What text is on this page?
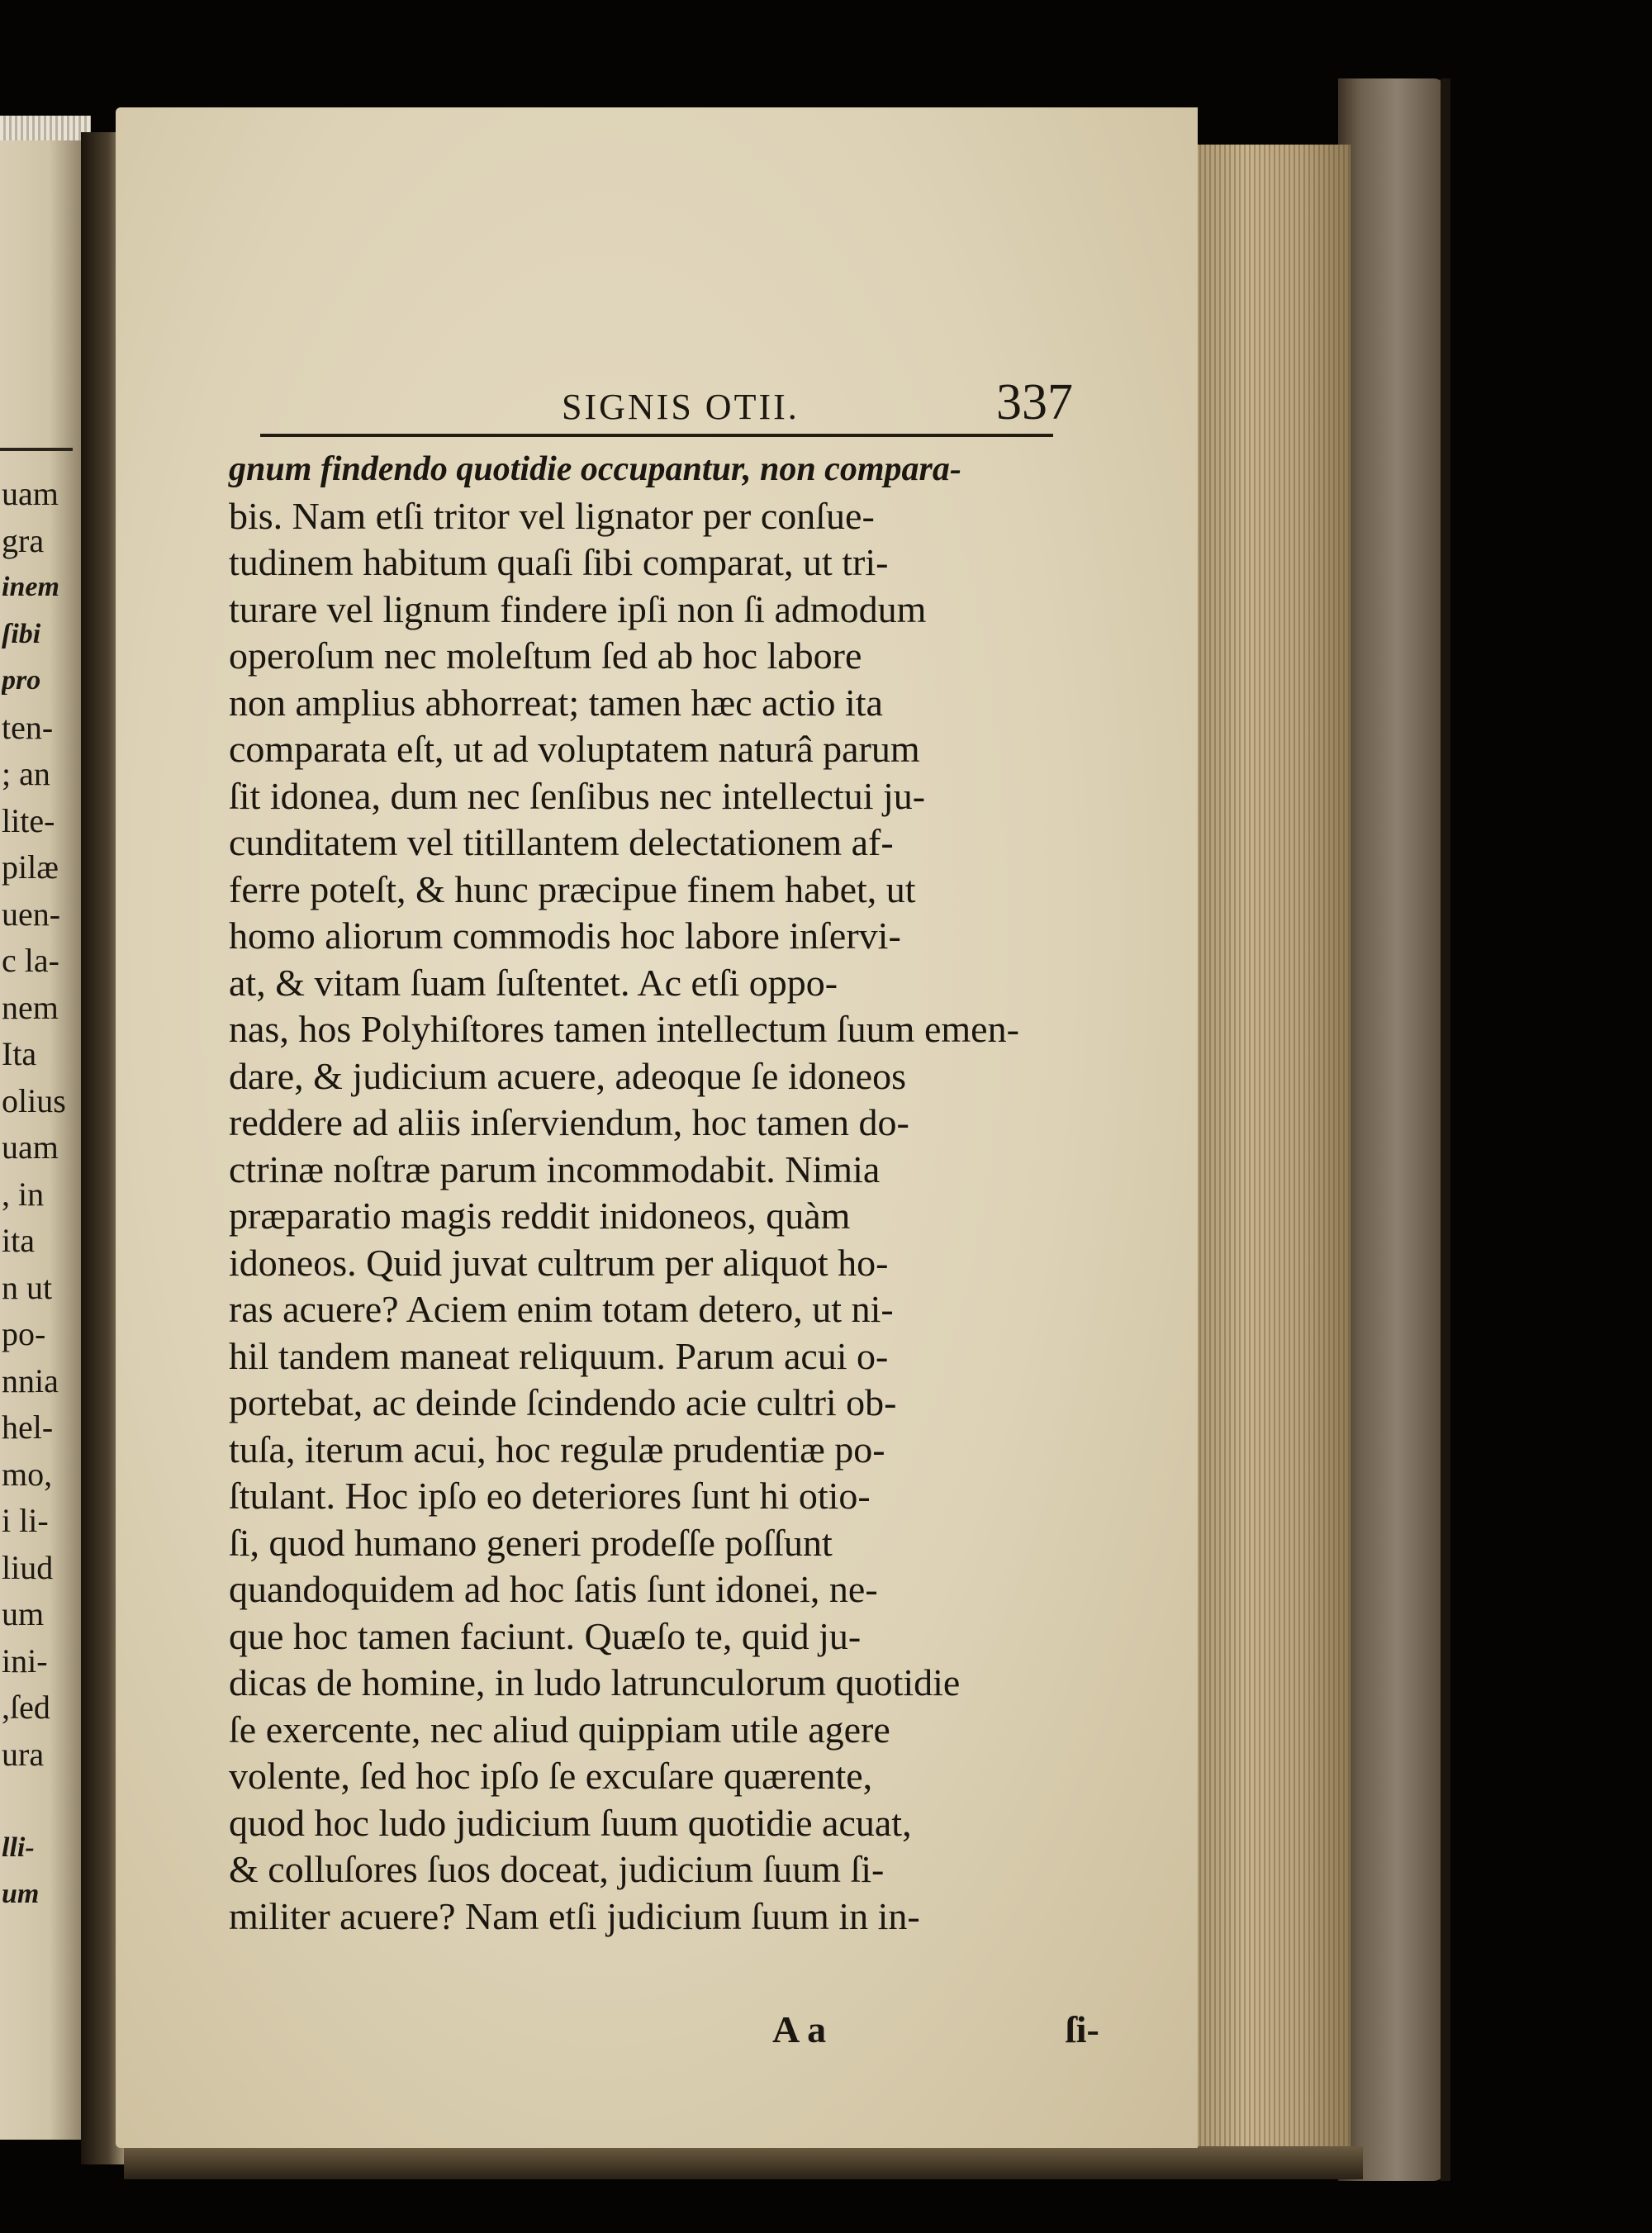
uam
gra
inem
ſibi
pro
ten-
; an
lite-
pilæ
uen-
c la-
nem
Ita
olius
uam
, in
ita
n ut
po-
nnia
hel-
mo,
i li-
liud
um
ini-
,ſed
ura
lli-
um
SIGNIS OTII.	337
gnum findendo quotidie occupantur, non compara-
bis. Nam etſi tritor vel lignator per conſue-
tudinem habitum quaſi ſibi comparat, ut tri-
turare vel lignum findere ipſi non ſi admodum
operoſum nec moleſtum ſed ab hoc labore
non amplius abhorreat; tamen hæc actio ita
comparata eſt, ut ad voluptatem naturâ parum
ſit idonea, dum nec ſenſibus nec intellectui ju-
cunditatem vel titillantem delectationem af-
ferre poteſt, & hunc præcipue finem habet, ut
homo aliorum commodis hoc labore inſervi-
at, & vitam ſuam ſuſtentet. Ac etſi oppo-
nas, hos Polyhiſtores tamen intellectum ſuum emen-
dare, & judicium acuere, adeoque ſe idoneos
reddere ad aliis inſerviendum, hoc tamen do-
ctrinæ noſtræ parum incommodabit. Nimia
præparatio magis reddit inidoneos, quàm
idoneos. Quid juvat cultrum per aliquot ho-
ras acuere? Aciem enim totam detero, ut ni-
hil tandem maneat reliquum. Parum acui o-
portebat, ac deinde ſcindendo acie cultri ob-
tuſa, iterum acui, hoc regulæ prudentiæ po-
ſtulant. Hoc ipſo eo deteriores ſunt hi otio-
ſi, quod humano generi prodeſſe poſſunt
quandoquidem ad hoc ſatis ſunt idonei, ne-
que hoc tamen faciunt. Quæſo te, quid ju-
dicas de homine, in ludo latrunculorum quotidie
ſe exercente, nec aliud quippiam utile agere
volente, ſed hoc ipſo ſe excuſare quærente,
quod hoc ludo judicium ſuum quotidie acuat,
& colluſores ſuos doceat, judicium ſuum ſi-
militer acuere? Nam etſi judicium ſuum in in-
A a	ſi-
